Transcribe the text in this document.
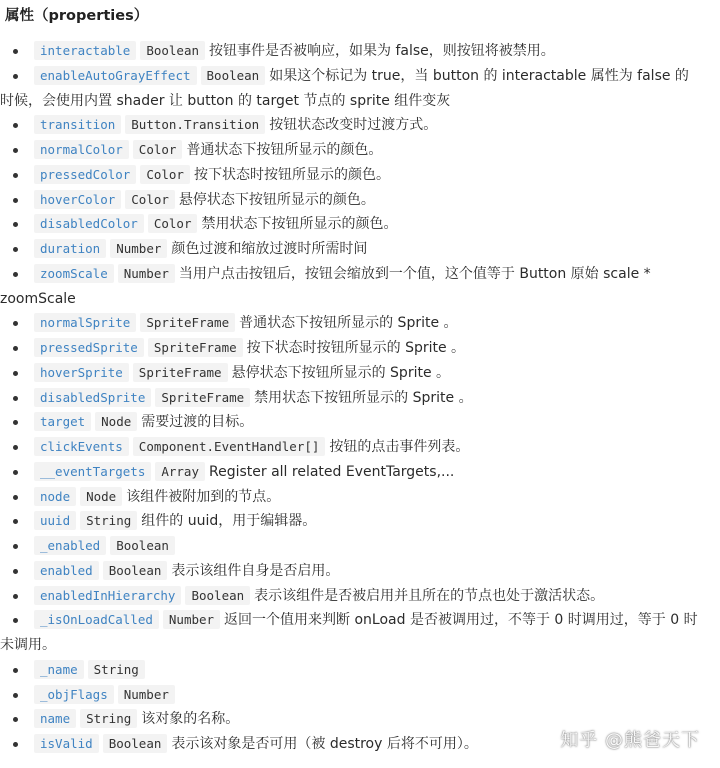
属性（properties）
interactable Boolean 按钮事件是否被响应，如果为 false，则按钮将被禁用。
enableAutoGrayEffect Boolean 如果这个标记为 true，当 button 的 interactable 属性为 false 的时候，会使用内置 shader 让 button 的 target 节点的 sprite 组件变灰
transition Button.Transition 按钮状态改变时过渡方式。
normalColor Color 普通状态下按钮所显示的颜色。
pressedColor Color 按下状态时按钮所显示的颜色。
hoverColor Color 悬停状态下按钮所显示的颜色。
disabledColor Color 禁用状态下按钮所显示的颜色。
duration Number 颜色过渡和缩放过渡时所需时间
zoomScale Number 当用户点击按钮后，按钮会缩放到一个值，这个值等于 Button 原始 scale * zoomScale
normalSprite SpriteFrame 普通状态下按钮所显示的 Sprite 。
pressedSprite SpriteFrame 按下状态时按钮所显示的 Sprite 。
hoverSprite SpriteFrame 悬停状态下按钮所显示的 Sprite 。
disabledSprite SpriteFrame 禁用状态下按钮所显示的 Sprite 。
target Node 需要过渡的目标。
clickEvents Component.EventHandler[] 按钮的点击事件列表。
__eventTargets Array Register all related EventTargets,...
node Node 该组件被附加到的节点。
uuid String 组件的 uuid，用于编辑器。
_enabled Boolean
enabled Boolean 表示该组件自身是否启用。
enabledInHierarchy Boolean 表示该组件是否被启用并且所在的节点也处于激活状态。
_isOnLoadCalled Number 返回一个值用来判断 onLoad 是否被调用过，不等于 0 时调用过，等于 0 时未调用。
_name String
_objFlags Number
name String 该对象的名称。
isValid Boolean 表示该对象是否可用（被 destroy 后将不可用）。	知乎 @熊爸天下
